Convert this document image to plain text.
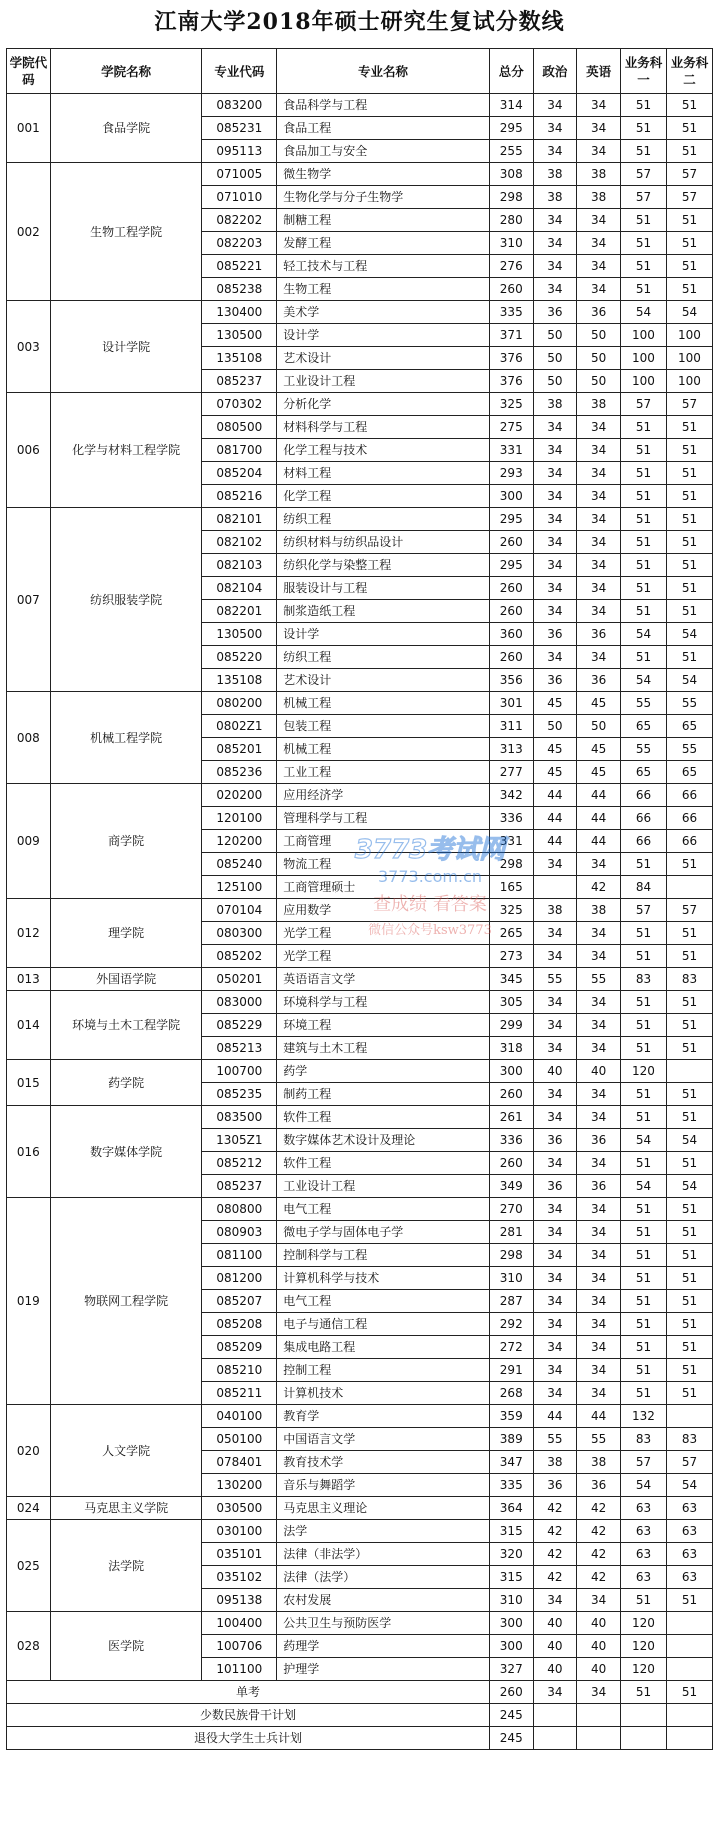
江南大学2018年硕士研究生复试分数线
学院代码	学院名称	专业代码	专业名称	总分	政治	英语	业务科一	业务科二
001	食品学院	083200	食品科学与工程	314	34	34	51	51
		085231	食品工程	295	34	34	51	51
		095113	食品加工与安全	255	34	34	51	51
002	生物工程学院	071005	微生物学	308	38	38	57	57
		071010	生物化学与分子生物学	298	38	38	57	57
		082202	制糖工程	280	34	34	51	51
		082203	发酵工程	310	34	34	51	51
		085221	轻工技术与工程	276	34	34	51	51
		085238	生物工程	260	34	34	51	51
003	设计学院	130400	美术学	335	36	36	54	54
		130500	设计学	371	50	50	100	100
		135108	艺术设计	376	50	50	100	100
		085237	工业设计工程	376	50	50	100	100
006	化学与材料工程学院	070302	分析化学	325	38	38	57	57
		080500	材料科学与工程	275	34	34	51	51
		081700	化学工程与技术	331	34	34	51	51
		085204	材料工程	293	34	34	51	51
		085216	化学工程	300	34	34	51	51
007	纺织服装学院	082101	纺织工程	295	34	34	51	51
		082102	纺织材料与纺织品设计	260	34	34	51	51
		082103	纺织化学与染整工程	295	34	34	51	51
		082104	服装设计与工程	260	34	34	51	51
		082201	制浆造纸工程	260	34	34	51	51
		130500	设计学	360	36	36	54	54
		085220	纺织工程	260	34	34	51	51
		135108	艺术设计	356	36	36	54	54
008	机械工程学院	080200	机械工程	301	45	45	55	55
		0802Z1	包装工程	311	50	50	65	65
		085201	机械工程	313	45	45	55	55
		085236	工业工程	277	45	45	65	65
009	商学院	020200	应用经济学	342	44	44	66	66
		120100	管理科学与工程	336	44	44	66	66
		120200	工商管理	331	44	44	66	66
		085240	物流工程	298	34	34	51	51
		125100	工商管理硕士	165		42	84	
012	理学院	070104	应用数学	325	38	38	57	57
		080300	光学工程	265	34	34	51	51
		085202	光学工程	273	34	34	51	51
013	外国语学院	050201	英语语言文学	345	55	55	83	83
014	环境与土木工程学院	083000	环境科学与工程	305	34	34	51	51
		085229	环境工程	299	34	34	51	51
		085213	建筑与土木工程	318	34	34	51	51
015	药学院	100700	药学	300	40	40	120	
		085235	制药工程	260	34	34	51	51
016	数字媒体学院	083500	软件工程	261	34	34	51	51
		1305Z1	数字媒体艺术设计及理论	336	36	36	54	54
		085212	软件工程	260	34	34	51	51
		085237	工业设计工程	349	36	36	54	54
019	物联网工程学院	080800	电气工程	270	34	34	51	51
		080903	微电子学与固体电子学	281	34	34	51	51
		081100	控制科学与工程	298	34	34	51	51
		081200	计算机科学与技术	310	34	34	51	51
		085207	电气工程	287	34	34	51	51
		085208	电子与通信工程	292	34	34	51	51
		085209	集成电路工程	272	34	34	51	51
		085210	控制工程	291	34	34	51	51
		085211	计算机技术	268	34	34	51	51
020	人文学院	040100	教育学	359	44	44	132	
		050100	中国语言文学	389	55	55	83	83
		078401	教育技术学	347	38	38	57	57
		130200	音乐与舞蹈学	335	36	36	54	54
024	马克思主义学院	030500	马克思主义理论	364	42	42	63	63
025	法学院	030100	法学	315	42	42	63	63
		035101	法律（非法学）	320	42	42	63	63
		035102	法律（法学）	315	42	42	63	63
		095138	农村发展	310	34	34	51	51
028	医学院	100400	公共卫生与预防医学	300	40	40	120	
		100706	药理学	300	40	40	120	
		101100	护理学	327	40	40	120	
单考				260	34	34	51	51
少数民族骨干计划				245				
退役大学生士兵计划				245				
3773考试网
3773.com.cn
查成绩 看答案
微信公众号ksw3773
